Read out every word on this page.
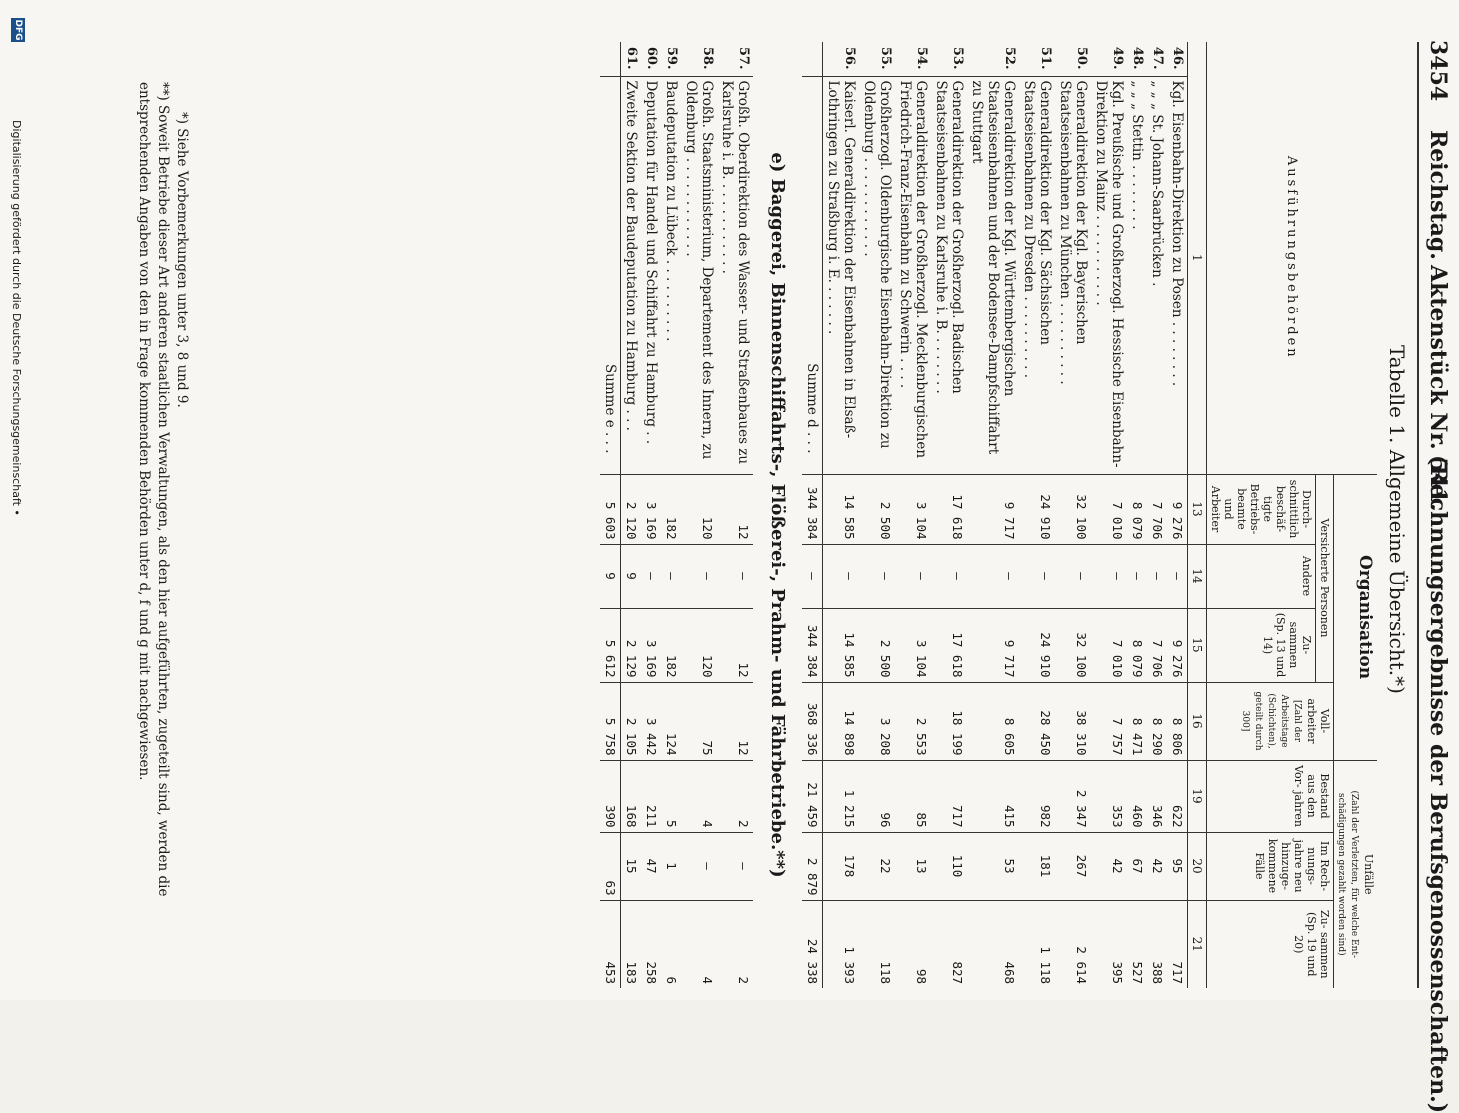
3454
Reichstag.
Aktenstück Nr. 541.
(Rechnungsergebnisse der Berufsgenossenschaften.)
Tabelle 1. Allgemeine Übersicht.*)
Ausführungsbehörden		Organisation				Unfälle
(Zahl der Verletzten, für welche Ent- schädigungen gezahlt worden sind)		
		Versicherte Personen			Voll- arbeiter
[Zahl der Arbeitstage (Schichten), geteilt durch 300]	Bestand aus den Vor- jahren	Im Rech- nungs- jahre neu hinzuge- kommene Fälle	Zu- sammen (Sp. 19 und 20)
		Durch- schnittlich beschäf- tigte Betriebs- beamte und Arbeiter	Andere	Zu- sammen (Sp. 13 und 14)				
1		13	14	15	16	19	20	21
46.	Kgl. Eisenbahn-Direktion zu Posen . . . . . . . .	9 276	—	9 276	8 806	622	95	717
47.	„ „ „ St. Johann-Saarbrücken .	7 706	—	7 706	8 290	346	42	388
48.	„ „ „ Stettin . . . . . . . .	8 079	—	8 079	8 471	460	67	527
49.	Kgl. Preußische und Großherzogl. Hessische Eisenbahn-Direktion zu Mainz . . . . . . . . . . .	7 010	—	7 010	7 757	353	42	395
50.	Generaldirektion der Kgl. Bayerischen Staatseisenbahnen zu München . . . . . . . . . .	32 100	—	32 100	38 310	2 347	267	2 614
51.	Generaldirektion der Kgl. Sächsischen Staatseisenbahnen zu Dresden . . . . . . . . . .	24 910	—	24 910	28 450	982	181	1 118
52.	Generaldirektion der Kgl. Württembergischen Staatseisenbahnen und der Bodensee-Dampfschiffahrt zu Stuttgart	9 717	—	9 717	8 605	415	53	468
53.	Generaldirektion der Großherzogl. Badischen Staatseisenbahnen zu Karlsruhe i. B. . . . . . . .	17 618	—	17 618	18 199	717	110	827
54.	Generaldirektion der Großherzogl. Mecklenburgischen Friedrich-Franz-Eisenbahn zu Schwerin . . . .	3 104	—	3 104	2 553	85	13	98
55.	Großherzogl. Oldenburgische Eisenbahn-Direktion zu Oldenburg . . . . . . . . . . . .	2 500	—	2 500	3 208	96	22	118
56.	Kaiserl. Generaldirektion der Eisenbahnen in Elsaß-Lothringen zu Straßburg i. E. . . . . . .	14 585	—	14 585	14 898	1 215	178	1 393
	Summe d . . .	344 384	—	344 384	368 336	21 459	2 879	24 338
e) Baggerei, Binnenschiffahrts-, Flößerei-, Prahm- und Fährbetriebe.**)								
57.	Großh. Oberdirektion des Wasser- und Straßenbaues zu Karlsruhe i. B. . . . . . . . . . . .	12	—	12	12	2	—	2
58.	Großh. Staatsministerium, Departement des Innern, zu Oldenburg . . . . . . . . . . . .	120	—	120	75	4	—	4
59.	Baudeputation zu Lübeck . . . . . . . . . .	182	—	182	124	5	1	6
60.	Deputation für Handel und Schiffahrt zu Hamburg . .	3 169	—	3 169	3 442	211	47	258
61.	Zweite Sektion der Baudeputation zu Hamburg . . .	2 120	9	2 129	2 105	168	15	183
	Summe e . . .	5 603	9	5 612	5 758	390	63	453
*) Siehe Vorbemerkungen unter 3, 8 und 9.
**) Soweit Betriebe dieser Art anderen staatlichen Verwaltungen, als den hier aufgeführten, zugeteilt sind, werden die entsprechenden Angaben von den in Frage kommenden Behörden unter d, f und g mit nachgewiesen.
DFG
Digitalisierung gefördert durch die Deutsche Forschungsgemeinschaft •
